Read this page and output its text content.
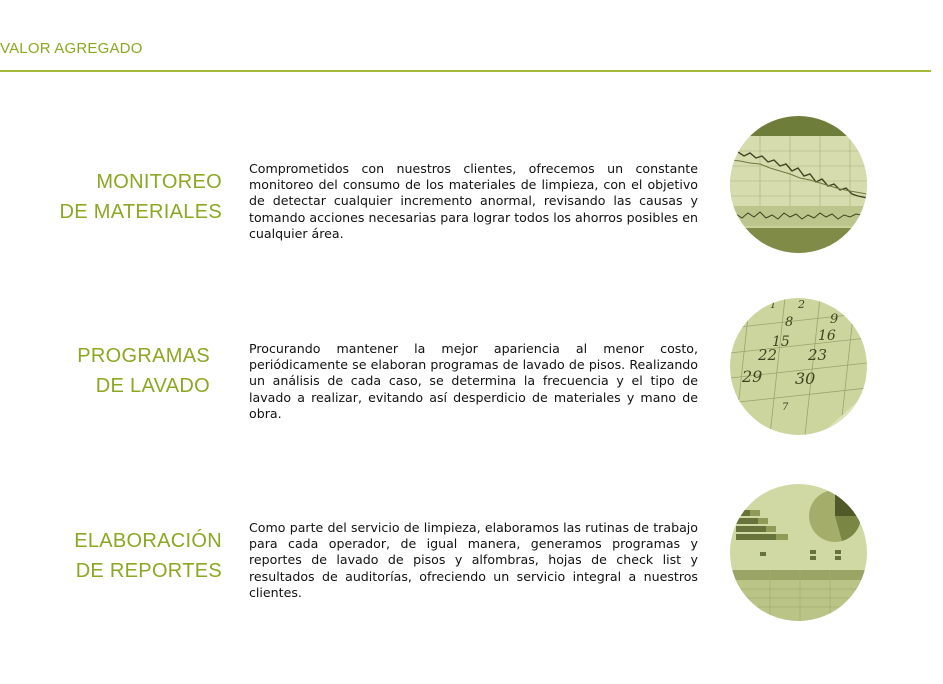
VALOR AGREGADO
MONITOREO
DE MATERIALES
Comprometidos con nuestros clientes, ofrecemos un constante monitoreo del consumo de los materiales de limpieza, con el objetivo de detectar cualquier incremento anormal, revisando las causas y tomando acciones necesarias para lograr todos los ahorros posibles en cualquier área.
PROGRAMAS
DE LAVADO
Procurando mantener la mejor apariencia al menor costo, periódicamente se elaboran programas de lavado de pisos. Realizando un análisis de cada caso, se determina la frecuencia y el tipo de lavado a realizar, evitando así desperdicio de materiales y mano de obra.
1 2
9
8
15 16
22 23
29 30
7
ELABORACIÓN
DE REPORTES
Como parte del servicio de limpieza, elaboramos las rutinas de trabajo para cada operador, de igual manera, generamos programas y reportes de lavado de pisos y alfombras, hojas de check list y resultados de auditorías, ofreciendo un servicio integral a nuestros clientes.
